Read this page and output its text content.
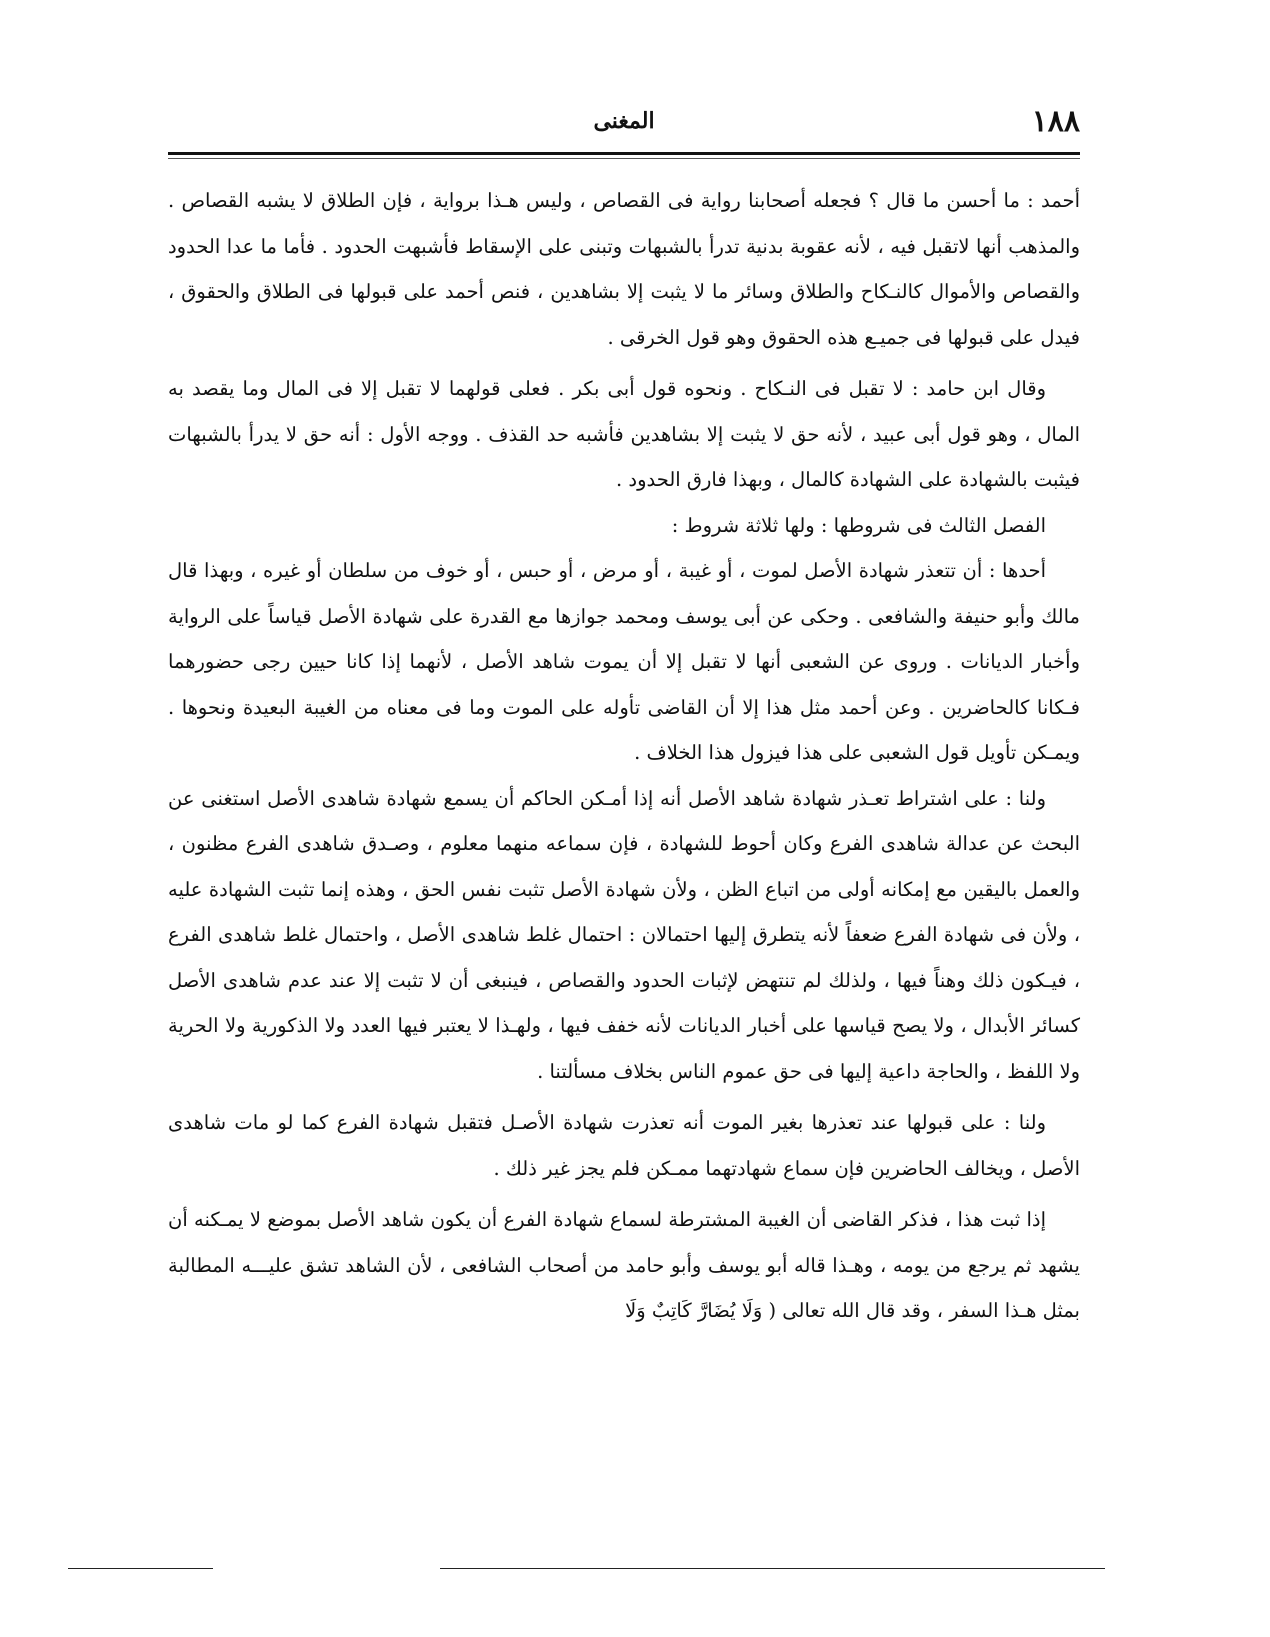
١٨٨
المغنى

أحمد : ما أحسن ما قال ؟ فجعله أصحابنا رواية فى القصاص ، وليس هـذا برواية ، فإن الطلاق لا يشبه القصاص . والمذهب أنها لاتقبل فيه ، لأنه عقوبة بدنية تدرأ بالشبهات وتبنى على الإسقاط فأشبهت الحدود . فأما ما عدا الحدود والقصاص والأموال كالنـكاح والطلاق وسائر ما لا يثبت إلا بشاهدين ، فنص أحمد على قبولها فى الطلاق والحقوق ، فيدل على قبولها فى جميـع هذه الحقوق وهو قول الخرقى .

وقال ابن حامد : لا تقبل فى النـكاح . ونحوه قول أبى بكر . فعلى قولهما لا تقبل إلا فى المال وما يقصد به المال ، وهو قول أبى عبيد ، لأنه حق لا يثبت إلا بشاهدين فأشبه حد القذف . ووجه الأول : أنه حق لا يدرأ بالشبهات فيثبت بالشهادة على الشهادة كالمال ، وبهذا فارق الحدود .

الفصل الثالث فى شروطها : ولها ثلاثة شروط :

أحدها : أن تتعذر شهادة الأصل لموت ، أو غيبة ، أو مرض ، أو حبس ، أو خوف من سلطان أو غيره ، وبهذا قال مالك وأبو حنيفة والشافعى . وحكى عن أبى يوسف ومحمد جوازها مع القدرة على شهادة الأصل قياساً على الرواية وأخبار الديانات . وروى عن الشعبى أنها لا تقبل إلا أن يموت شاهد الأصل ، لأنهما إذا كانا حيين رجى حضورهما فـكانا كالحاضرين . وعن أحمد مثل هذا إلا أن القاضى تأوله على الموت وما فى معناه من الغيبة البعيدة ونحوها . ويمـكن تأويل قول الشعبى على هذا فيزول هذا الخلاف .

ولنا : على اشتراط تعـذر شهادة شاهد الأصل أنه إذا أمـكن الحاكم أن يسمع شهادة شاهدى الأصل استغنى عن البحث عن عدالة شاهدى الفرع وكان أحوط للشهادة ، فإن سماعه منهما معلوم ، وصـدق شاهدى الفرع مظنون ، والعمل باليقين مع إمكانه أولى من اتباع الظن ، ولأن شهادة الأصل تثبت نفس الحق ، وهذه إنما تثبت الشهادة عليه ، ولأن فى شهادة الفرع ضعفاً لأنه يتطرق إليها احتمالان : احتمال غلط شاهدى الأصل ، واحتمال غلط شاهدى الفرع ، فيـكون ذلك وهناً فيها ، ولذلك لم تنتهض لإثبات الحدود والقصاص ، فينبغى أن لا تثبت إلا عند عدم شاهدى الأصل كسائر الأبدال ، ولا يصح قياسها على أخبار الديانات لأنه خفف فيها ، ولهـذا لا يعتبر فيها العدد ولا الذكورية ولا الحرية ولا اللفظ ، والحاجة داعية إليها فى حق عموم الناس بخلاف مسألتنا .

ولنا : على قبولها عند تعذرها بغير الموت أنه تعذرت شهادة الأصـل فتقبل شهادة الفرع كما لو مات شاهدى الأصل ، ويخالف الحاضرين فإن سماع شهادتهما ممـكن فلم يجز غير ذلك .

إذا ثبت هذا ، فذكر القاضى أن الغيبة المشترطة لسماع شهادة الفرع أن يكون شاهد الأصل بموضع لا يمـكنه أن يشهد ثم يرجع من يومه ، وهـذا قاله أبو يوسف وأبو حامد من أصحاب الشافعى ، لأن الشاهد تشق عليـــه المطالبة بمثل هـذا السفر ، وقد قال الله تعالى ( وَلَا يُضَارَّ كَاتِبٌ وَلَا
